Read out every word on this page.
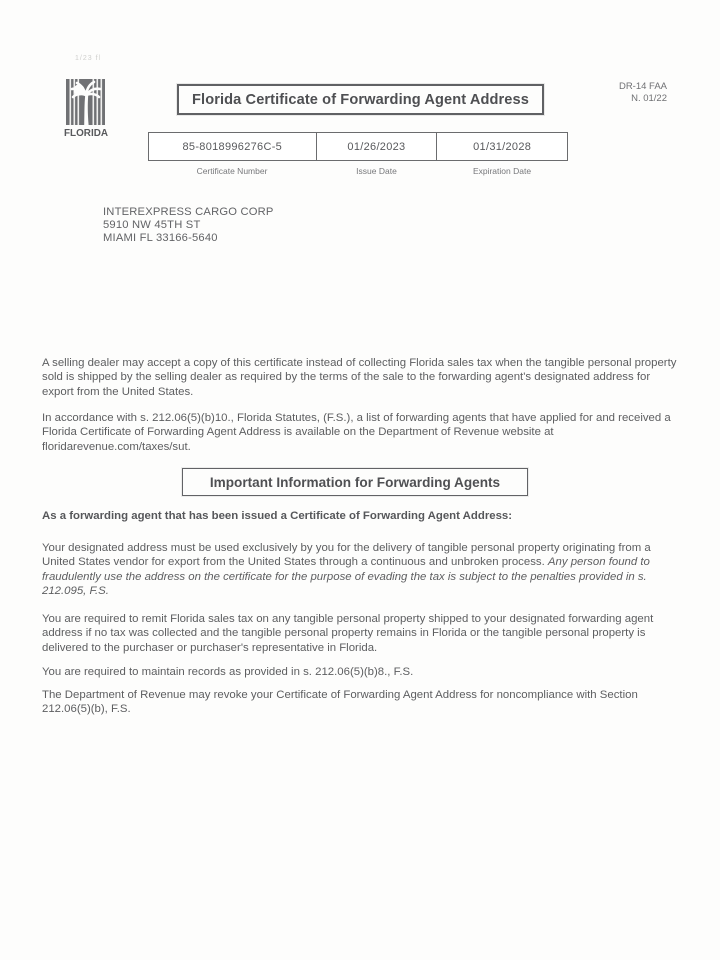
1/23 fl
FLORIDA
Florida Certificate of Forwarding Agent Address
DR-14 FAA
N. 01/22
85-8018996276C-5	01/26/2023	01/31/2028
Certificate Number	Issue Date	Expiration Date
INTEREXPRESS CARGO CORP
5910 NW 45TH ST
MIAMI FL 33166-5640
A selling dealer may accept a copy of this certificate instead of collecting Florida sales tax when the tangible personal property sold is shipped by the selling dealer as required by the terms of the sale to the forwarding agent's designated address for export from the United States.
In accordance with s. 212.06(5)(b)10., Florida Statutes, (F.S.), a list of forwarding agents that have applied for and received a Florida Certificate of Forwarding Agent Address is available on the Department of Revenue website at floridarevenue.com/taxes/sut.
Important Information for Forwarding Agents
As a forwarding agent that has been issued a Certificate of Forwarding Agent Address:
Your designated address must be used exclusively by you for the delivery of tangible personal property originating from a United States vendor for export from the United States through a continuous and unbroken process. Any person found to fraudulently use the address on the certificate for the purpose of evading the tax is subject to the penalties provided in s. 212.095, F.S.
You are required to remit Florida sales tax on any tangible personal property shipped to your designated forwarding agent address if no tax was collected and the tangible personal property remains in Florida or the tangible personal property is delivered to the purchaser or purchaser's representative in Florida.
You are required to maintain records as provided in s. 212.06(5)(b)8., F.S.
The Department of Revenue may revoke your Certificate of Forwarding Agent Address for noncompliance with Section 212.06(5)(b), F.S.
